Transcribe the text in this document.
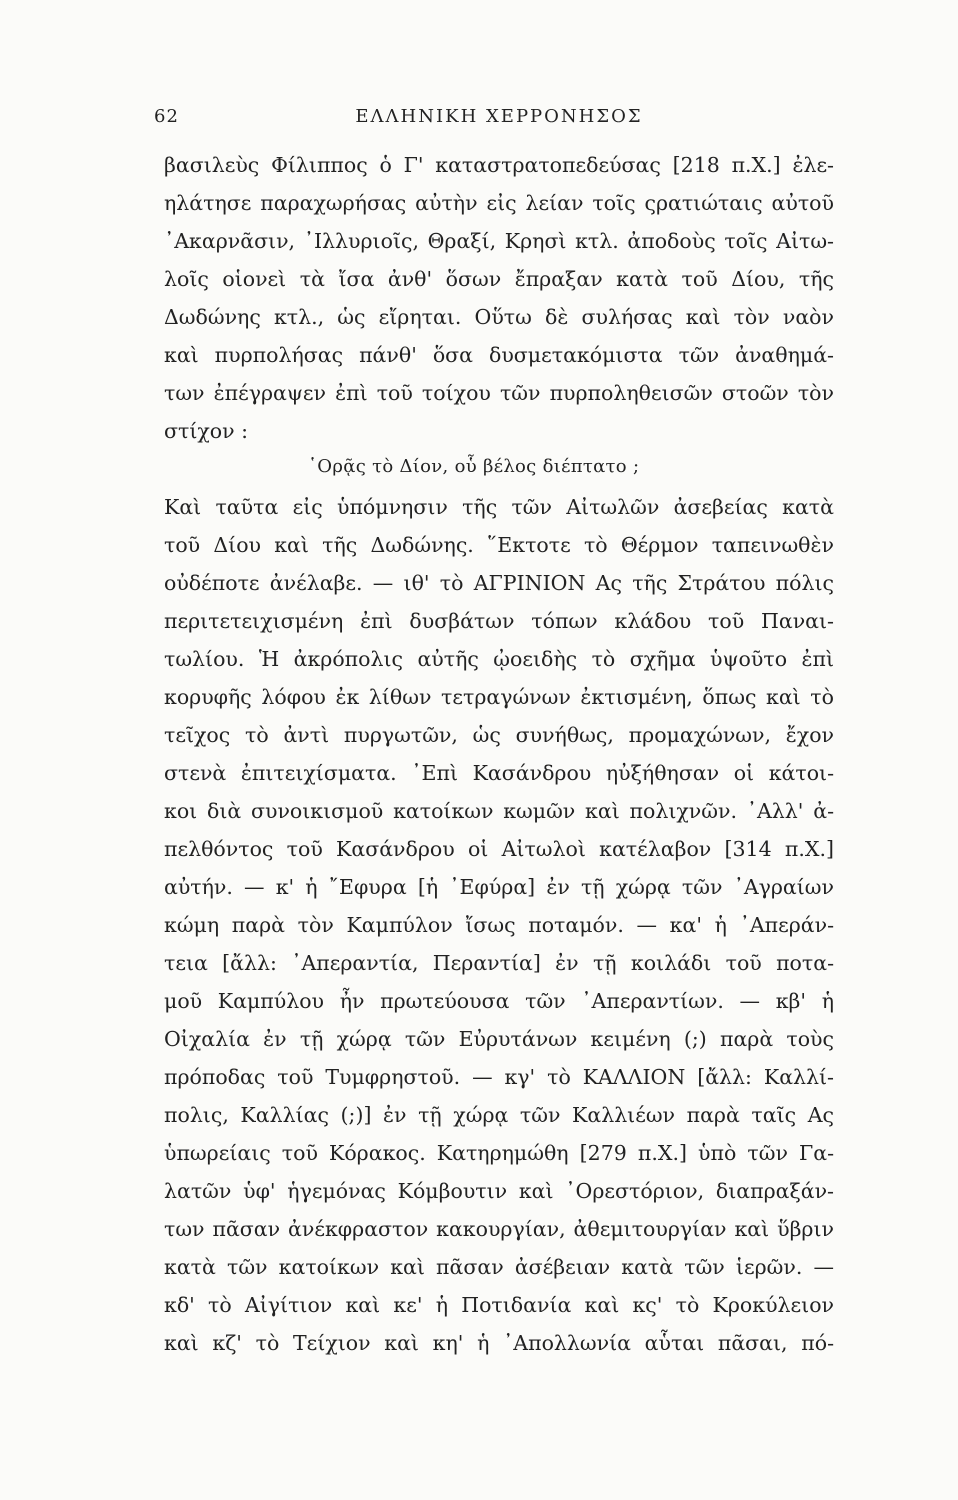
62	ΕΛΛΗΝΙΚΗ ΧΕΡΡΟΝΗΣΟΣ
βασιλεὺς Φίλιππος ὁ Γ' καταστρατοπεδεύσας [218 π.Χ.] ἐλε-
ηλάτησε παραχωρήσας αὐτὴν εἰς λείαν τοῖς ςρατιώταις αὐτοῦ
᾽Ακαρνᾶσιν, ᾽Ιλλυριοῖς, Θραξί, Κρησὶ κτλ. ἀποδοὺς τοῖς Αἰτω-
λοῖς οἱονεὶ τὰ ἴσα ἀνθ' ὅσων ἔπραξαν κατὰ τοῦ Δίου, τῆς
Δωδώνης κτλ., ὡς εἴρηται. Οὕτω δὲ συλήσας καὶ τὸν ναὸν
καὶ πυρπολήσας πάνθ' ὅσα δυσμετακόμιστα τῶν ἀναθημά-
των ἐπέγραψεν ἐπὶ τοῦ τοίχου τῶν πυρποληθεισῶν στοῶν τὸν
στίχον :
῾Ορᾷς τὸ Δίον, οὗ βέλος διέπτατο ;
Καὶ ταῦτα εἰς ὑπόμνησιν τῆς τῶν Αἰτωλῶν ἀσεβείας κατὰ
τοῦ Δίου καὶ τῆς Δωδώνης. ῞Εκτοτε τὸ Θέρμον ταπεινωθὲν
οὐδέποτε ἀνέλαβε. — ιθ' τὸ ΑΓΡΙΝΙΟΝ Ας τῆς Στράτου πόλις
περιτετειχισμένη ἐπὶ δυσβάτων τόπων κλάδου τοῦ Παναι-
τωλίου. Ἡ ἀκρόπολις αὐτῆς ᾠοειδὴς τὸ σχῆμα ὑψοῦτο ἐπὶ
κορυφῆς λόφου ἐκ λίθων τετραγώνων ἐκτισμένη, ὅπως καὶ τὸ
τεῖχος τὸ ἀντὶ πυργωτῶν, ὡς συνήθως, προμαχώνων, ἔχον
στενὰ ἐπιτειχίσματα. ᾽Επὶ Κασάνδρου ηὐξήθησαν οἱ κάτοι-
κοι διὰ συνοικισμοῦ κατοίκων κωμῶν καὶ πολιχνῶν. ᾽Αλλ' ἀ-
πελθόντος τοῦ Κασάνδρου οἱ Αἰτωλοὶ κατέλαβον [314 π.Χ.]
αὐτήν. — κ' ἡ ῎Εφυρα [ἡ ᾽Εφύρα] ἐν τῇ χώρᾳ τῶν ᾽Αγραίων
κώμη παρὰ τὸν Καμπύλον ἴσως ποταμόν. — κα' ἡ ᾽Απεράν-
τεια [ἄλλ: ᾽Απεραντία, Περαντία] ἐν τῇ κοιλάδι τοῦ ποτα-
μοῦ Καμπύλου ἦν πρωτεύουσα τῶν ᾽Απεραντίων. — κβ' ἡ
Οἰχαλία ἐν τῇ χώρᾳ τῶν Εὐρυτάνων κειμένη (;) παρὰ τοὺς
πρόποδας τοῦ Τυμφρηστοῦ. — κγ' τὸ ΚΑΛΛΙΟΝ [ἄλλ: Καλλί-
πολις, Καλλίας (;)] ἐν τῇ χώρᾳ τῶν Καλλιέων παρὰ ταῖς Ας
ὑπωρείαις τοῦ Κόρακος. Κατηρημώθη [279 π.Χ.] ὑπὸ τῶν Γα-
λατῶν ὑφ' ἡγεμόνας Κόμβουτιν καὶ ᾽Ορεστόριον, διαπραξάν-
των πᾶσαν ἀνέκφραστον κακουργίαν, ἀθεμιτουργίαν καὶ ὕβριν
κατὰ τῶν κατοίκων καὶ πᾶσαν ἀσέβειαν κατὰ τῶν ἱερῶν. —
κδ' τὸ Αἰγίτιον καὶ κε' ἡ Ποτιδανία καὶ κς' τὸ Κροκύλειον
καὶ κζ' τὸ Τείχιον καὶ κη' ἡ ᾽Απολλωνία αὗται πᾶσαι, πό-
